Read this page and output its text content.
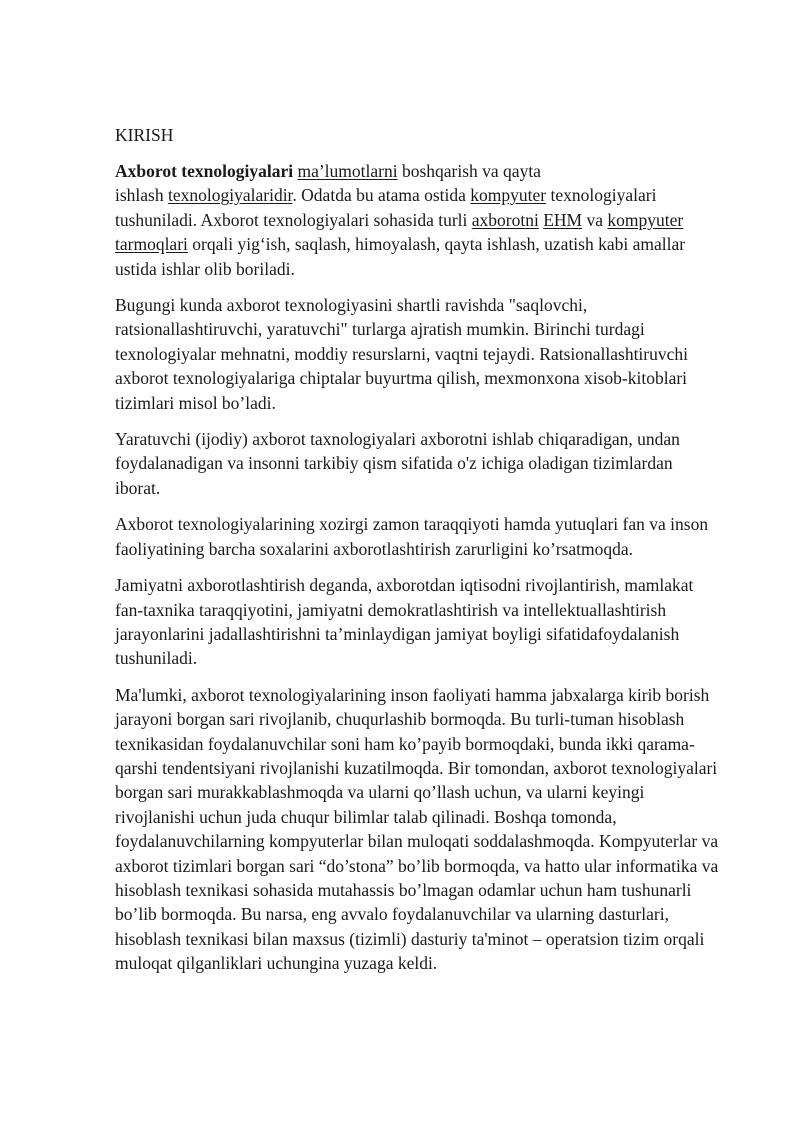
KIRISH

Axborot texnologiyalari ma’lumotlarni boshqarish va qayta
ishlash texnologiyalaridir. Odatda bu atama ostida kompyuter texnologiyalari tushuniladi. Axborot texnologiyalari sohasida turli axborotni EHM va kompyuter tarmoqlari orqali yigʻish, saqlash, himoyalash, qayta ishlash, uzatish kabi amallar ustida ishlar olib boriladi.

Bugungi kunda axborot texnologiyasini shartli ravishda "saqlovchi, ratsionallashtiruvchi, yaratuvchi" turlarga ajratish mumkin. Birinchi turdagi texnologiyalar mehnatni, moddiy resurslarni, vaqtni tejaydi. Ratsionallashtiruvchi axborot texnologiyalariga chiptalar buyurtma qilish, mexmonxona xisob-kitoblari tizimlari misol bo’ladi.

Yaratuvchi (ijodiy) axborot taxnologiyalari axborotni ishlab chiqaradigan, undan foydalanadigan va insonni tarkibiy qism sifatida o'z ichiga oladigan tizimlardan iborat.

Axborot texnologiyalarining xozirgi zamon taraqqiyoti hamda yutuqlari fan va inson faoliyatining barcha soxalarini axborotlashtirish zarurligini ko’rsatmoqda.

Jamiyatni axborotlashtirish deganda, axborotdan iqtisodni rivojlantirish, mamlakat fan-taxnika taraqqiyotini, jamiyatni demokratlashtirish va intellektuallashtirish jarayonlarini jadallashtirishni taʼminlaydigan jamiyat boyligi sifatidafoydalanish tushuniladi.

Ma'lumki, axborot texnologiyalarining inson faoliyati hamma jabxalarga kirib borish jarayoni borgan sari rivojlanib, chuqurlashib bormoqda. Bu turli-tuman hisoblash texnikasidan foydalanuvchilar soni ham ko’payib bormoqdaki, bunda ikki qarama-qarshi tendentsiyani rivojlanishi kuzatilmoqda. Bir tomondan, axborot texnologiyalari borgan sari murakkablashmoqda va ularni qo’llash uchun, va ularni keyingi rivojlanishi uchun juda chuqur bilimlar talab qilinadi. Boshqa tomonda, foydalanuvchilarning kompyuterlar bilan muloqati soddalashmoqda. Kompyuterlar va axborot tizimlari borgan sari “do’stona” bo’lib bormoqda, va hatto ular informatika va hisoblash texnikasi sohasida mutahassis bo’lmagan odamlar uchun ham tushunarli bo’lib bormoqda. Bu narsa, eng avvalo foydalanuvchilar va ularning dasturlari, hisoblash texnikasi bilan maxsus (tizimli) dasturiy ta'minot – operatsion tizim orqali muloqat qilganliklari uchungina yuzaga keldi.
